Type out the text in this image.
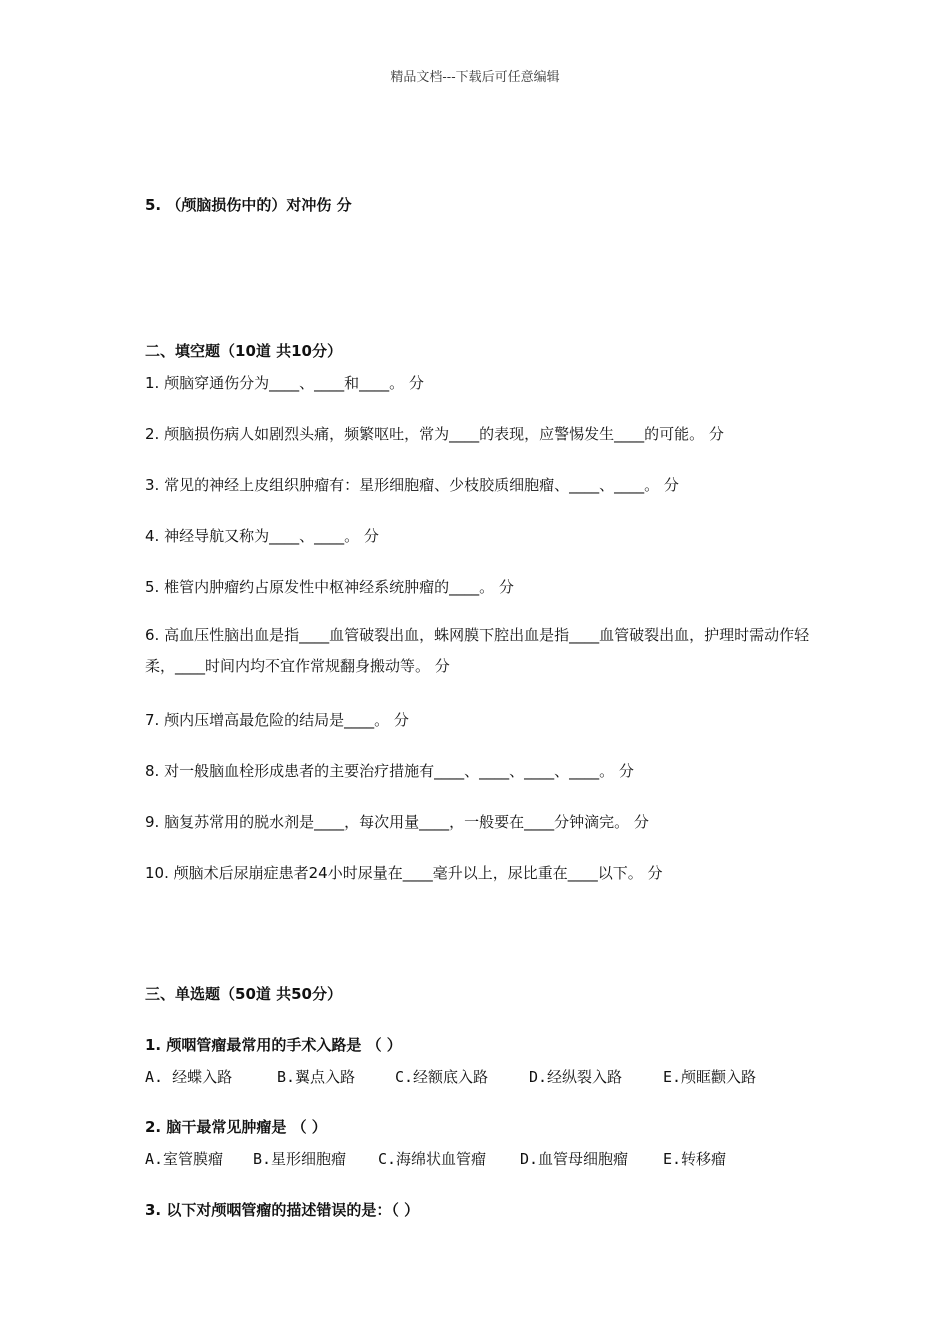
精品文档---下载后可任意编辑
5. （颅脑损伤中的）对冲伤 分
二、填空题（10道 共10分）
1. 颅脑穿通伤分为____、____和____。 分
2. 颅脑损伤病人如剧烈头痛，频繁呕吐，常为____的表现，应警惕发生____的可能。 分
3. 常见的神经上皮组织肿瘤有：星形细胞瘤、少枝胶质细胞瘤、____、____。 分
4. 神经导航又称为____、____。 分
5. 椎管内肿瘤约占原发性中枢神经系统肿瘤的____。 分
6. 高血压性脑出血是指____血管破裂出血，蛛网膜下腔出血是指____血管破裂出血，护理时需动作轻柔，____时间内均不宜作常规翻身搬动等。 分
7. 颅内压增高最危险的结局是____。 分
8. 对一般脑血栓形成患者的主要治疗措施有____、____、____、____。 分
9. 脑复苏常用的脱水剂是____，每次用量____，一般要在____分钟滴完。 分
10. 颅脑术后尿崩症患者24小时尿量在____毫升以上，尿比重在____以下。 分
三、单选题（50道 共50分）
1. 颅咽管瘤最常用的手术入路是 （ ）
A. 经蝶入路	B.翼点入路	C.经额底入路	D.经纵裂入路	E.颅眶颧入路
2. 脑干最常见肿瘤是 （ ）
A.室管膜瘤 B.星形细胞瘤 C.海绵状血管瘤 D.血管母细胞瘤 E.转移瘤
3. 以下对颅咽管瘤的描述错误的是：（ ）
